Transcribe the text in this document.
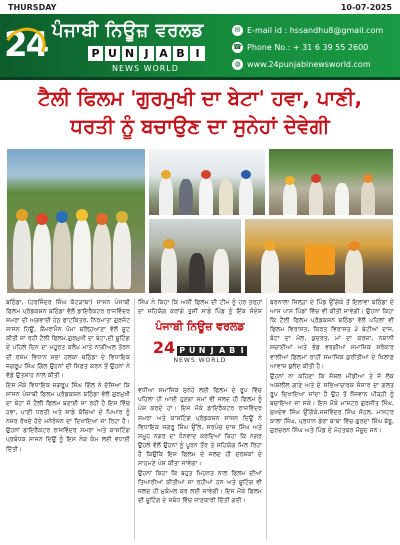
THURSDAY	10-07-2025
24 ਪੰਜਾਬੀ ਨਿਊਜ਼ ਵਰਲਡ
P U N J A B I
NEWS WORLD
✉ E-mail id : hssandhu8@gmail.com
☎ Phone No.: + 31 6 39 55 2600
◍ www.24punjabinewsworld.com
ਟੈਲੀ ਫਿਲਮ 'ਗੁਰਮੁਖੀ ਦਾ ਬੇਟਾ' ਹਵਾ, ਪਾਣੀ,
ਧਰਤੀ ਨੂੰ ਬਚਾਉਣ ਦਾ ਸੁਨੇਹਾਂ ਦੇਵੇਗੀ

ਬਠਿੰਡਾ, (ਹਰਜਿੰਦਰ ਸਿੰਘ ਕੱਟੜਾਬਾ) ਸਾਜਨ ਪੰਜਾਬੀ ਫਿਲਮ ਪ੍ਰੋਡਕਸ਼ਨ ਬਠਿੰਡਾ ਵੱਲੋਂ ਡਾਇਰੈਕਟਰ ਰਾਜਵਿੰਦਰ ਸਮਰਾ ਦੀ ਅਗਵਾਈ ਹੇਠ ਫਾਟਕਿਤਰ, ਨਿਰਮਾਤਾ ਗੁਰਜੰਟ ਸਾਜਨ ਹਿਊਂ, ਕੈਮਰਾਮੈਨ ਪੱਮਾ ਬਲ੍ਹਿਆਣਾ ਵੱਲੋਂ ਸ਼ੂਟ ਕੀਤੀ ਜਾ ਰਹੀ ਟੈਲੀ ਫਿਲਮ,ਗੁਰਮੁਖੀ ਦਾ ਬੇਟਾ,ਦੀ ਸ਼ੂਟਿੰਗ ਦੇ ਪਹਿਲੇ ਦਿਨ ਦਾ ਮਹੂਰਤ ਕਲੈਪ ਮਾਤੇ ਨਾਗੀਅਲ ਤੋਰਨ ਦੀ ਰਸਮ ਵਿਧਾਨ ਸਭਾ ਹਲਕਾ ਬਠਿੰਡਾ ਦੇ ਵਿਧਾਇਕ ਜਗਰੂਪ ਸਿੰਘ ਗਿੱਲ ਉਹਨਾਂ ਦੀ ਸਿਫ਼ਤ ਕਰਨ ਤੋਂ ਉਹਨਾਂ ਨੇ ਵੱਡੇ ਉਤਸ਼ਾਹ ਨਾਲ ਕੀਤੀ।

ਇਸ ਮੌਕੇ ਵਿਧਾਇਕ ਜਗਰੂਪ ਸਿੰਘ ਗਿੱਲ ਨੇ ਦੱਸਿਆ ਕਿ ਸਾਜਨ ਪੰਜਾਬੀ ਫਿਲਮ ਪ੍ਰੋਡਕਸ਼ਨ ਬਠਿੰਡਾ ਵੱਲੋਂ ਗੁਰਮੁਖੀ ਦਾ ਬੇਟਾ ਜੋ ਟੈਲੀ ਫਿਲਮ ਬਣਾਈ ਜਾ ਰਹੀ ਹੈ ਇਸ ਵਿੱਚ ਹਵਾ, ਪਾਣੀ ਧਰਤੀ ਅਤੇ ਸਾਡੇ ਬੱਚਿਆਂ ਦੇ ਪਿਆਰ ਨੂੰ ਨਜ਼ਰ ਰੱਖਦੇ ਹੋਏ ਮਨੋਰੰਜਨ ਦਾ ਦਿਖਾਇਆ ਜਾ ਰਿਹਾ ਹੈ। ਉਹਨਾਂ ਡਾਇਰੈਕਟਰ ਰਾਜਵਿੰਦਰ ਸਮਰਾ ਅਤੇ ਕਾਸਟਿੰਗ ਪ੍ਰਬੰਧਕ ਸਾਜਨ ਦਿਊਂ ਨੂੰ ਇਸ ਨੇਕ ਕੰਮ ਲਈ ਵਧਾਈ ਦਿੱਤੀ।

ਸਿੰਘ ਨੇ ਕਿਹਾ ਕਿ ਅਸੀਂ ਫਿਲਮ ਦੀ ਟੀਮ ਨੂੰ ਹਰ ਤਰ੍ਹਾਂ ਦਾ ਸਹਿਯੋਗ ਕਰਾਂਗੇ ਤੁਸੀਂ ਸਾਡੇ ਪਿੰਡ ਨੂੰ ਇੱਕ ਸੰਦੇਸ਼

ਵਧੀਆ ਸਮਾਜਿਕ ਸੁਨੇਹੇ ਲਈ ਫਿਲਮ ਦੇ ਰੂਪ ਵਿੱਚ ਪਹਿਲਾ ਹੀ ਆਈ ਹੁਣਗਾ ਸਮਾਂ ਵੀ ਜਲਦ ਹੀ ਫਿਲਮ ਨੂੰ ਪੇਸ਼ ਕਰਦੇ ਹਾਂ। ਇਸ ਮੌਕੇ ਡਾਇਰੈਕਟਰ ਰਾਜਵਿੰਦਰ ਸਮਰਾ ਅਤੇ ਕਾਸਟਿੰਗ ਪ੍ਰੋਡਕਸ਼ਨ ਸਾਜਨ ਦਿਊਂ ਨੇ ਵਿਧਾਇਕ ਜਗਰੂ ਸਿੰਘ ਉੱਲੇ, ਸਰਪੰਚ ਦਾਸ ਸਿੰਘ ਅਤੇ ਸਮੂਹ ਨਗਰ ਦਾ ਧੰਨਵਾਦ ਕਰਦਿਆਂ ਕਿਹਾ ਕਿ ਨਗਰ ਉਹਲੇ ਵੱਲੋਂ ਉਹਨਾਂ ਨੂੰ ਪੂਰਨ ਤੌਰ ਤੇ ਸਹਿਯੋਗ ਮਿਲ ਰਿਹਾ ਹੈ ਕਿਉਂਕਿ ਇਸ ਫਿਲਮ ਦੇ ਜਲਦ ਹੀ ਦਰਸ਼ਕਾਂ ਦੇ ਸਾਹਮਣੇ ਪੇਸ਼ ਕੀਤਾ ਜਾਵੇਗਾ।

ਉਹਨਾਂ ਕਿਹਾ ਕਿ ਬਹੁਤ ਮਿਹਨਤ ਨਾਲ ਫਿਲਮ ਦੀਆਂ ਤਿਆਰੀਆਂ ਕੀਤੀਆਂ ਜਾ ਰਹੀਆਂ ਹਨ ਅਤੇ ਸ਼ੂਟਿੰਗ ਵੀ ਜਲਦ ਹੀ ਮੁਕੰਮਲ ਕਰ ਲਈ ਜਾਵੇਗੀ। ਇਸ ਮੌਕੇ ਫਿਲਮ ਦੀ ਸ਼ੂਟਿੰਗ ਦੇ ਸਬੰਧ ਵਿੱਚ ਜਾਣਕਾਰੀ ਦਿੱਤੀ ਗਈ।

ਪੰਜਾਬੀ ਨਿਊਜ਼ ਵਰਲਡ
24 P U N J A B I
NEWS WORLD

ਬਰਨਾਲਾ ਜਿਲ੍ਹਾ ਦੇ ਪਿੰਡ ਉੱਗੋਕੇ ਤੋਂ ਇਲਾਵਾ ਬਠਿੰਡਾ ਦੇ ਆਸ ਪਾਸ ਪਿੰਡਾਂ ਵਿੱਚ ਵੀ ਕੀਤੀ ਜਾਵੇਗੀ। ਉਹਨਾਂ ਕਿਹਾ ਕਿ ਟੈਲੀ ਫਿਲਮ ਪ੍ਰੋਡਕਸ਼ਨ ਬਠਿੰਡਾ ਵੱਲੋਂ ਪਹਿਲਾਂ ਵੀ ਫਿਲਮ ਵਿਰਾਸਤ, ਕਿਰਤ ਵਿਰਾਸਤ 2 ਬੇਟੀਆਂ ਦਾਜ, ਬੰਟਾ ਦਾ ਮੋਲ, ਕੁਦਰਤ, ਮਾਂ ਦਾ ਕਰਜ਼ਾ, ਨਸ਼ਾਨੀ ਸਚਾਈਆਂ ਅਤੇ ਭੰਡ ਵਰਗੀਆਂ ਸਮਾਜਿਕ ਸਰੋਕਾਰ ਵਾਲੀਆਂ ਫਿਲਮਾਂ ਰਾਹੀਂ ਸਮਾਜਿਕ ਕੁਰੀਤੀਆਂ ਦੇ ਖ਼ਿਲਾਫ਼ ਆਵਾਜ਼ ਬੁਲੰਦ ਕੀਤੀ ਹੈ।

ਉਹਨਾਂ ਨਾ ਕਹਿਣਾ ਕਿ ਸੋਸ਼ਲ ਮੀਡੀਆ ਤੇ ਜੋ ਲੋਕ ਅਸ਼ਲੀਲ ਗਾਣੇ ਅਤੇ ਦੇ ਸਭਿਆਚਾਰਕ ਸੰਸਾਰ ਦਾ ਗਲਤ ਰੂਪ ਦਿਖਾਇਆ ਜਾਂਦਾ ਹੈ ਉਹ ਤੋਂ ਨੌਜਵਾਨ ਪੀੜ੍ਹੀ ਨੂੰ ਬਚਾਇਆ ਜਾ ਸਕੇ। ਇਸ ਮੌਕੇ ਮਾਸਟਰ ਗੁਰਜੀਤ ਸਿੰਘ, ਸੁਖਦੇਵ ਸਿੰਘ ਉੱਗੋਕੇ,ਜਸਵਿੰਦਰ ਸਿੰਘ ਸੋਹਲ, ਮਾਸਟਰ ਕਾਲਾ ਸਿੰਘ, ਪ੍ਰਧਾਨ ਡੇਰਾ ਬਾਬਾ ਵਿੱਚ ਗੁਰਦਾ ਸਿੰਘ ਬੱਝੂ, ਗੁਰਚਰਨ ਸਿੰਘ ਅਤੇ ਪਿੰਡ ਦੇ ਮੋਹਤਬਰ ਮੌਜੂਦ ਸਨ।
